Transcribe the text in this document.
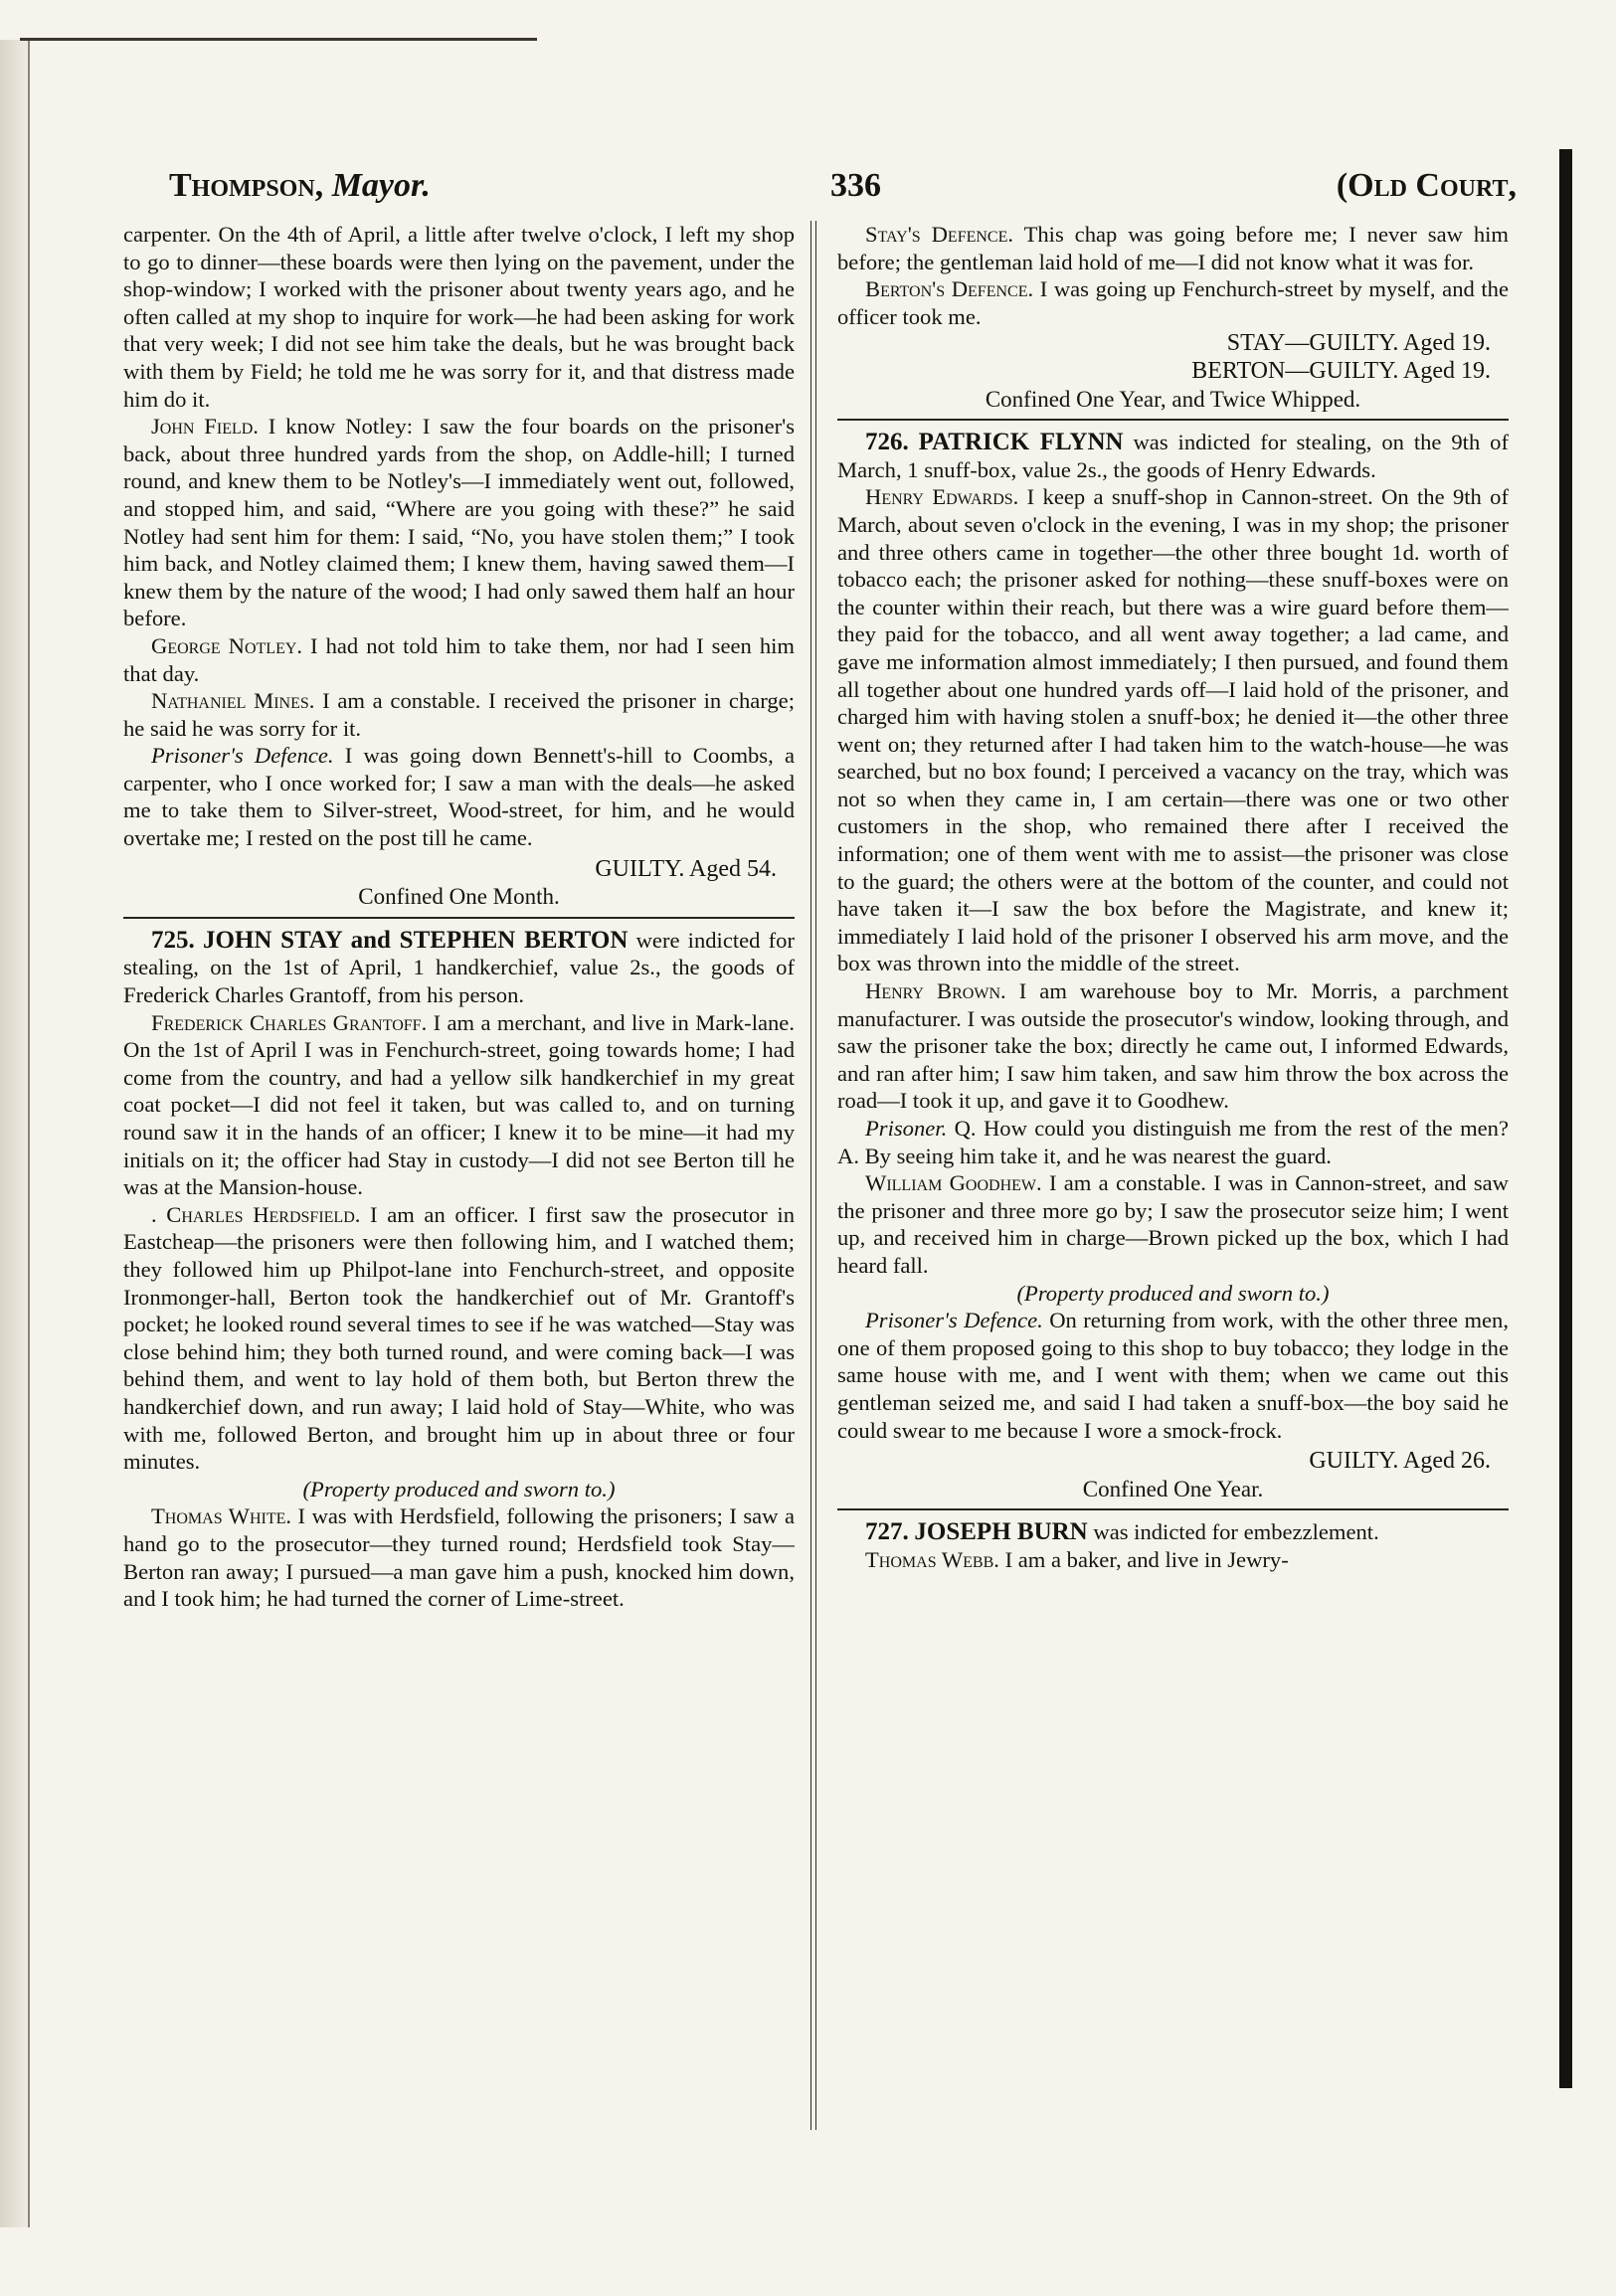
Thompson, Mayor.	336	(Old Court,

carpenter. On the 4th of April, a little after twelve o'clock, I left my shop to go to dinner—these boards were then lying on the pavement, under the shop-window; I worked with the prisoner about twenty years ago, and he often called at my shop to inquire for work—he had been asking for work that very week; I did not see him take the deals, but he was brought back with them by Field; he told me he was sorry for it, and that distress made him do it.

John Field. I know Notley: I saw the four boards on the prisoner's back, about three hundred yards from the shop, on Addle-hill; I turned round, and knew them to be Notley's—I immediately went out, followed, and stopped him, and said, “Where are you going with these?” he said Notley had sent him for them: I said, “No, you have stolen them;” I took him back, and Notley claimed them; I knew them, having sawed them—I knew them by the nature of the wood; I had only sawed them half an hour before.

George Notley. I had not told him to take them, nor had I seen him that day.

Nathaniel Mines. I am a constable. I received the prisoner in charge; he said he was sorry for it.

Prisoner's Defence. I was going down Bennett's-hill to Coombs, a carpenter, who I once worked for; I saw a man with the deals—he asked me to take them to Silver-street, Wood-street, for him, and he would overtake me; I rested on the post till he came.

GUILTY. Aged 54.
Confined One Month.

725. JOHN STAY and STEPHEN BERTON were indicted for stealing, on the 1st of April, 1 handkerchief, value 2s., the goods of Frederick Charles Grantoff, from his person.

Frederick Charles Grantoff. I am a merchant, and live in Mark-lane. On the 1st of April I was in Fenchurch-street, going towards home; I had come from the country, and had a yellow silk handkerchief in my great coat pocket—I did not feel it taken, but was called to, and on turning round saw it in the hands of an officer; I knew it to be mine—it had my initials on it; the officer had Stay in custody—I did not see Berton till he was at the Mansion-house.

. Charles Herdsfield. I am an officer. I first saw the prosecutor in Eastcheap—the prisoners were then following him, and I watched them; they followed him up Philpot-lane into Fenchurch-street, and opposite Ironmonger-hall, Berton took the handkerchief out of Mr. Grantoff's pocket; he looked round several times to see if he was watched—Stay was close behind him; they both turned round, and were coming back—I was behind them, and went to lay hold of them both, but Berton threw the handkerchief down, and run away; I laid hold of Stay—White, who was with me, followed Berton, and brought him up in about three or four minutes.

(Property produced and sworn to.)

Thomas White. I was with Herdsfield, following the prisoners; I saw a hand go to the prosecutor—they turned round; Herdsfield took Stay—Berton ran away; I pursued—a man gave him a push, knocked him down, and I took him; he had turned the corner of Lime-street.

Stay's Defence. This chap was going before me; I never saw him before; the gentleman laid hold of me—I did not know what it was for.

Berton's Defence. I was going up Fenchurch-street by myself, and the officer took me.

STAY—GUILTY. Aged 19.
BERTON—GUILTY. Aged 19.
Confined One Year, and Twice Whipped.

726. PATRICK FLYNN was indicted for stealing, on the 9th of March, 1 snuff-box, value 2s., the goods of Henry Edwards.

Henry Edwards. I keep a snuff-shop in Cannon-street. On the 9th of March, about seven o'clock in the evening, I was in my shop; the prisoner and three others came in together—the other three bought 1d. worth of tobacco each; the prisoner asked for nothing—these snuff-boxes were on the counter within their reach, but there was a wire guard before them—they paid for the tobacco, and all went away together; a lad came, and gave me information almost immediately; I then pursued, and found them all together about one hundred yards off—I laid hold of the prisoner, and charged him with having stolen a snuff-box; he denied it—the other three went on; they returned after I had taken him to the watch-house—he was searched, but no box found; I perceived a vacancy on the tray, which was not so when they came in, I am certain—there was one or two other customers in the shop, who remained there after I received the information; one of them went with me to assist—the prisoner was close to the guard; the others were at the bottom of the counter, and could not have taken it—I saw the box before the Magistrate, and knew it; immediately I laid hold of the prisoner I observed his arm move, and the box was thrown into the middle of the street.

Henry Brown. I am warehouse boy to Mr. Morris, a parchment manufacturer. I was outside the prosecutor's window, looking through, and saw the prisoner take the box; directly he came out, I informed Edwards, and ran after him; I saw him taken, and saw him throw the box across the road—I took it up, and gave it to Goodhew.

Prisoner. Q. How could you distinguish me from the rest of the men? A. By seeing him take it, and he was nearest the guard.

William Goodhew. I am a constable. I was in Cannon-street, and saw the prisoner and three more go by; I saw the prosecutor seize him; I went up, and received him in charge—Brown picked up the box, which I had heard fall.

(Property produced and sworn to.)

Prisoner's Defence. On returning from work, with the other three men, one of them proposed going to this shop to buy tobacco; they lodge in the same house with me, and I went with them; when we came out this gentleman seized me, and said I had taken a snuff-box—the boy said he could swear to me because I wore a smock-frock.

GUILTY. Aged 26.
Confined One Year.

727. JOSEPH BURN was indicted for embezzlement.

Thomas Webb. I am a baker, and live in Jewry-
